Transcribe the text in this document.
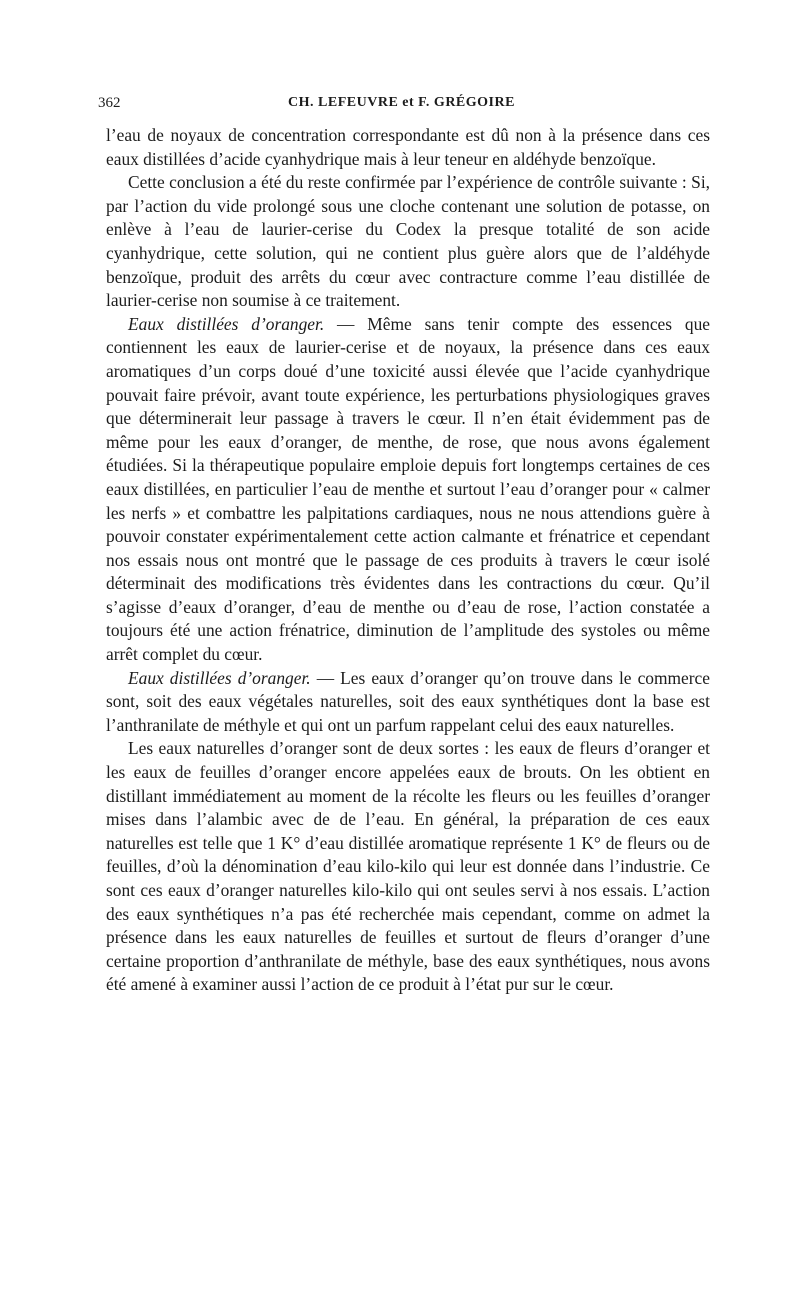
362	CH. LEFEUVRE et F. GRÉGOIRE

l’eau de noyaux de concentration correspondante est dû non à la présence dans ces eaux distillées d’acide cyanhydrique mais à leur teneur en aldéhyde benzoïque.

Cette conclusion a été du reste confirmée par l’expérience de contrôle suivante : Si, par l’action du vide prolongé sous une cloche contenant une solution de potasse, on enlève à l’eau de laurier-cerise du Codex la presque totalité de son acide cyanhydrique, cette solution, qui ne contient plus guère alors que de l’aldéhyde benzoïque, produit des arrêts du cœur avec contracture comme l’eau distillée de laurier-cerise non soumise à ce traitement.

Eaux distillées d’oranger. — Même sans tenir compte des essences que contiennent les eaux de laurier-cerise et de noyaux, la présence dans ces eaux aromatiques d’un corps doué d’une toxicité aussi élevée que l’acide cyanhydrique pouvait faire prévoir, avant toute expérience, les perturbations physiologiques graves que déterminerait leur passage à travers le cœur. Il n’en était évidemment pas de même pour les eaux d’oranger, de menthe, de rose, que nous avons également étudiées. Si la thérapeutique populaire emploie depuis fort longtemps certaines de ces eaux distillées, en particulier l’eau de menthe et surtout l’eau d’oranger pour « calmer les nerfs » et combattre les palpitations cardiaques, nous ne nous attendions guère à pouvoir constater expérimentalement cette action calmante et frénatrice et cependant nos essais nous ont montré que le passage de ces produits à travers le cœur isolé déterminait des modifications très évidentes dans les contractions du cœur. Qu’il s’agisse d’eaux d’oranger, d’eau de menthe ou d’eau de rose, l’action constatée a toujours été une action frénatrice, diminution de l’amplitude des systoles ou même arrêt complet du cœur.

Eaux distillées d’oranger. — Les eaux d’oranger qu’on trouve dans le commerce sont, soit des eaux végétales naturelles, soit des eaux synthétiques dont la base est l’anthranilate de méthyle et qui ont un parfum rappelant celui des eaux naturelles.

Les eaux naturelles d’oranger sont de deux sortes : les eaux de fleurs d’oranger et les eaux de feuilles d’oranger encore appelées eaux de brouts. On les obtient en distillant immédiatement au moment de la récolte les fleurs ou les feuilles d’oranger mises dans l’alambic avec de de l’eau. En général, la préparation de ces eaux naturelles est telle que 1 K° d’eau distillée aromatique représente 1 K° de fleurs ou de feuilles, d’où la dénomination d’eau kilo-kilo qui leur est donnée dans l’industrie. Ce sont ces eaux d’oranger naturelles kilo-kilo qui ont seules servi à nos essais. L’action des eaux synthétiques n’a pas été recherchée mais cependant, comme on admet la présence dans les eaux naturelles de feuilles et surtout de fleurs d’oranger d’une certaine proportion d’anthranilate de méthyle, base des eaux synthétiques, nous avons été amené à examiner aussi l’action de ce produit à l’état pur sur le cœur.
